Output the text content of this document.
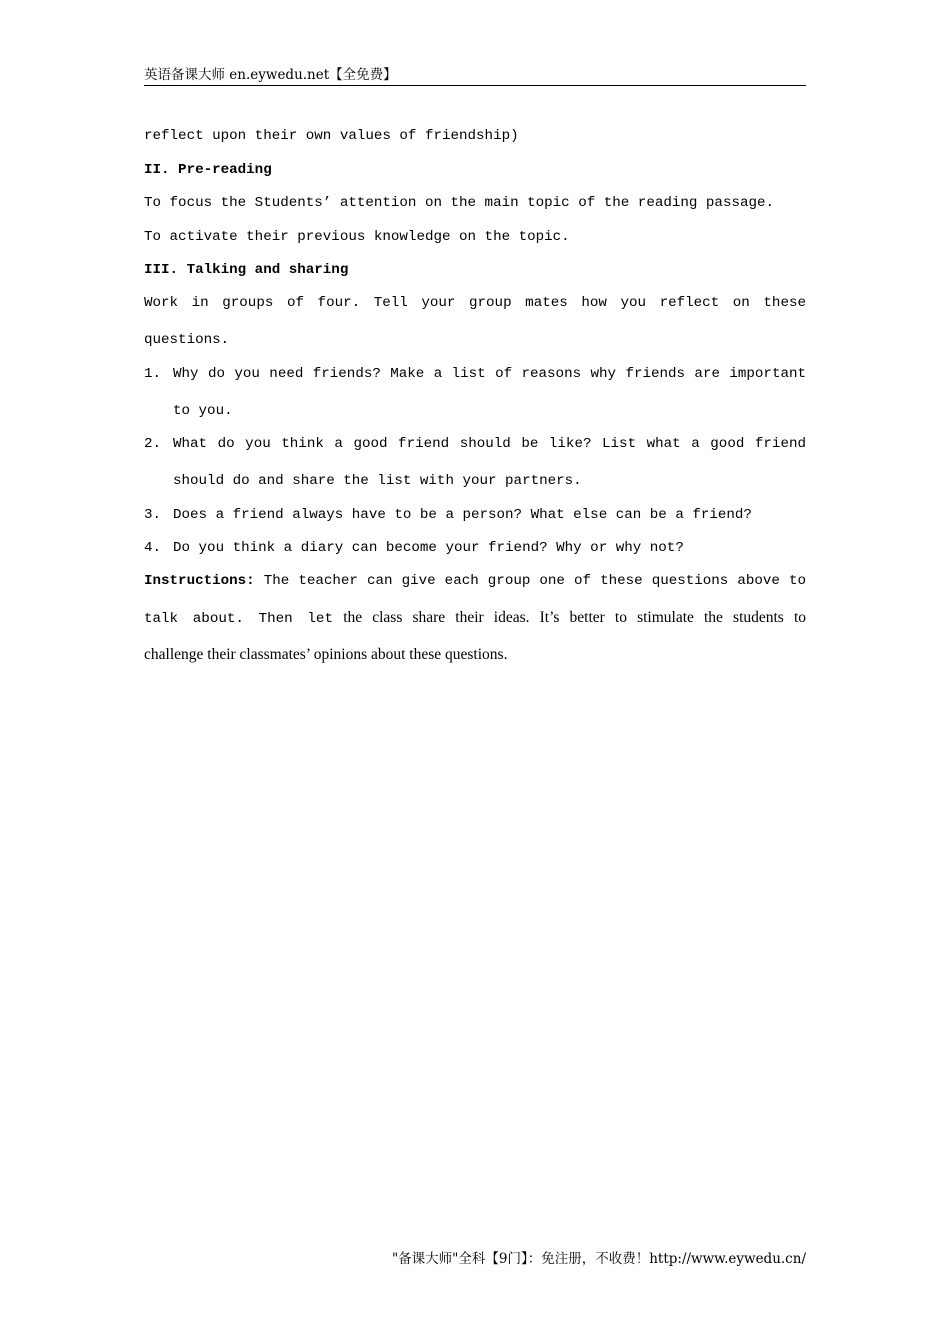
英语备课大师 en.eywedu.net【全免费】
reflect upon their own values of friendship)
II. Pre-reading
To focus the Students’ attention on the main topic of the reading passage.
To activate their previous knowledge on the topic.
III. Talking and sharing
Work in groups of four. Tell your group mates how you reflect on these
questions.
1. Why do you need friends? Make a list of reasons why friends are important
to you.
2. What do you think a good friend should be like? List what a good friend
should do and share the list with your partners.
3. Does a friend always have to be a person? What else can be a friend?
4. Do you think a diary can become your friend? Why or why not?
Instructions: The teacher can give each group one of these questions above to
talk about. Then let the class share their ideas. It’s better to stimulate the students to
challenge their classmates’ opinions about these questions.
"备课大师"全科【9门】：免注册，不收费！http://www.eywedu.cn/
